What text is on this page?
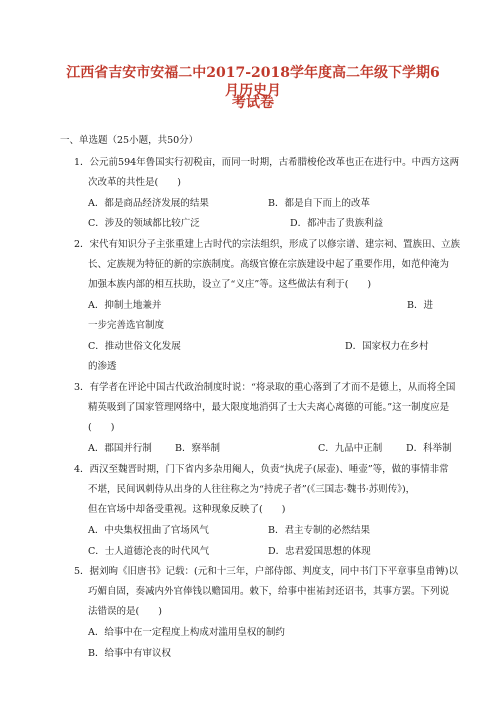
江西省吉安市安福二中2017-2018学年度高二年级下学期6月历史月
考试卷
一、单选题（25小题，共50分）
1．公元前594年鲁国实行初税亩，而同一时期，古希腊梭伦改革也正在进行中。中西方这两
次改革的共性是(　　)
A．都是商品经济发展的结果	B．都是自下而上的改革
C．涉及的领域都比较广泛	D．都冲击了贵族利益
2．宋代有知识分子主张重建上古时代的宗法组织，形成了以修宗谱、建宗祠、置族田、立族
长、定族规为特征的新的宗族制度。高级官僚在宗族建设中起了重要作用，如范仲淹为
加强本族内部的相互扶助，设立了“义庄”等。这些做法有利于(　　)
A．抑制土地兼并	B．进
一步完善选官制度
C．推动世俗文化发展	D．国家权力在乡村
的渗透
3．有学者在评论中国古代政治制度时说：“将录取的重心落到了才而不是德上，从而将全国
精英吸到了国家管理网络中，最大限度地消弭了士大夫离心离德的可能。”这一制度应是
(　　)
A．郡国并行制 B．察举制	C．九品中正制 D．科举制
4．西汉至魏晋时期，门下省内多杂用阉人，负责“执虎子(尿壶)、唾壶”等，做的事情非常
不堪，民间讽刺侍从出身的人往往称之为“持虎子者”(《三国志·魏书·苏则传》)，
但在官场中却备受重视。这种现象反映了(　　)
A．中央集权扭曲了官场风气	B．君主专制的必然结果
C．士人道德沦丧的时代风气	D．忠君爱国思想的体现
5．据刘昫《旧唐书》记载：(元和十三年，户部侍郎、判度支，同中书门下平章事皇甫镈)以
巧媚自固，奏减内外官俸钱以赡国用。敕下，给事中崔祐封还诏书，其事方罢。下列说
法错误的是(　　)
A．给事中在一定程度上构成对滥用皇权的制约
B．给事中有审议权
